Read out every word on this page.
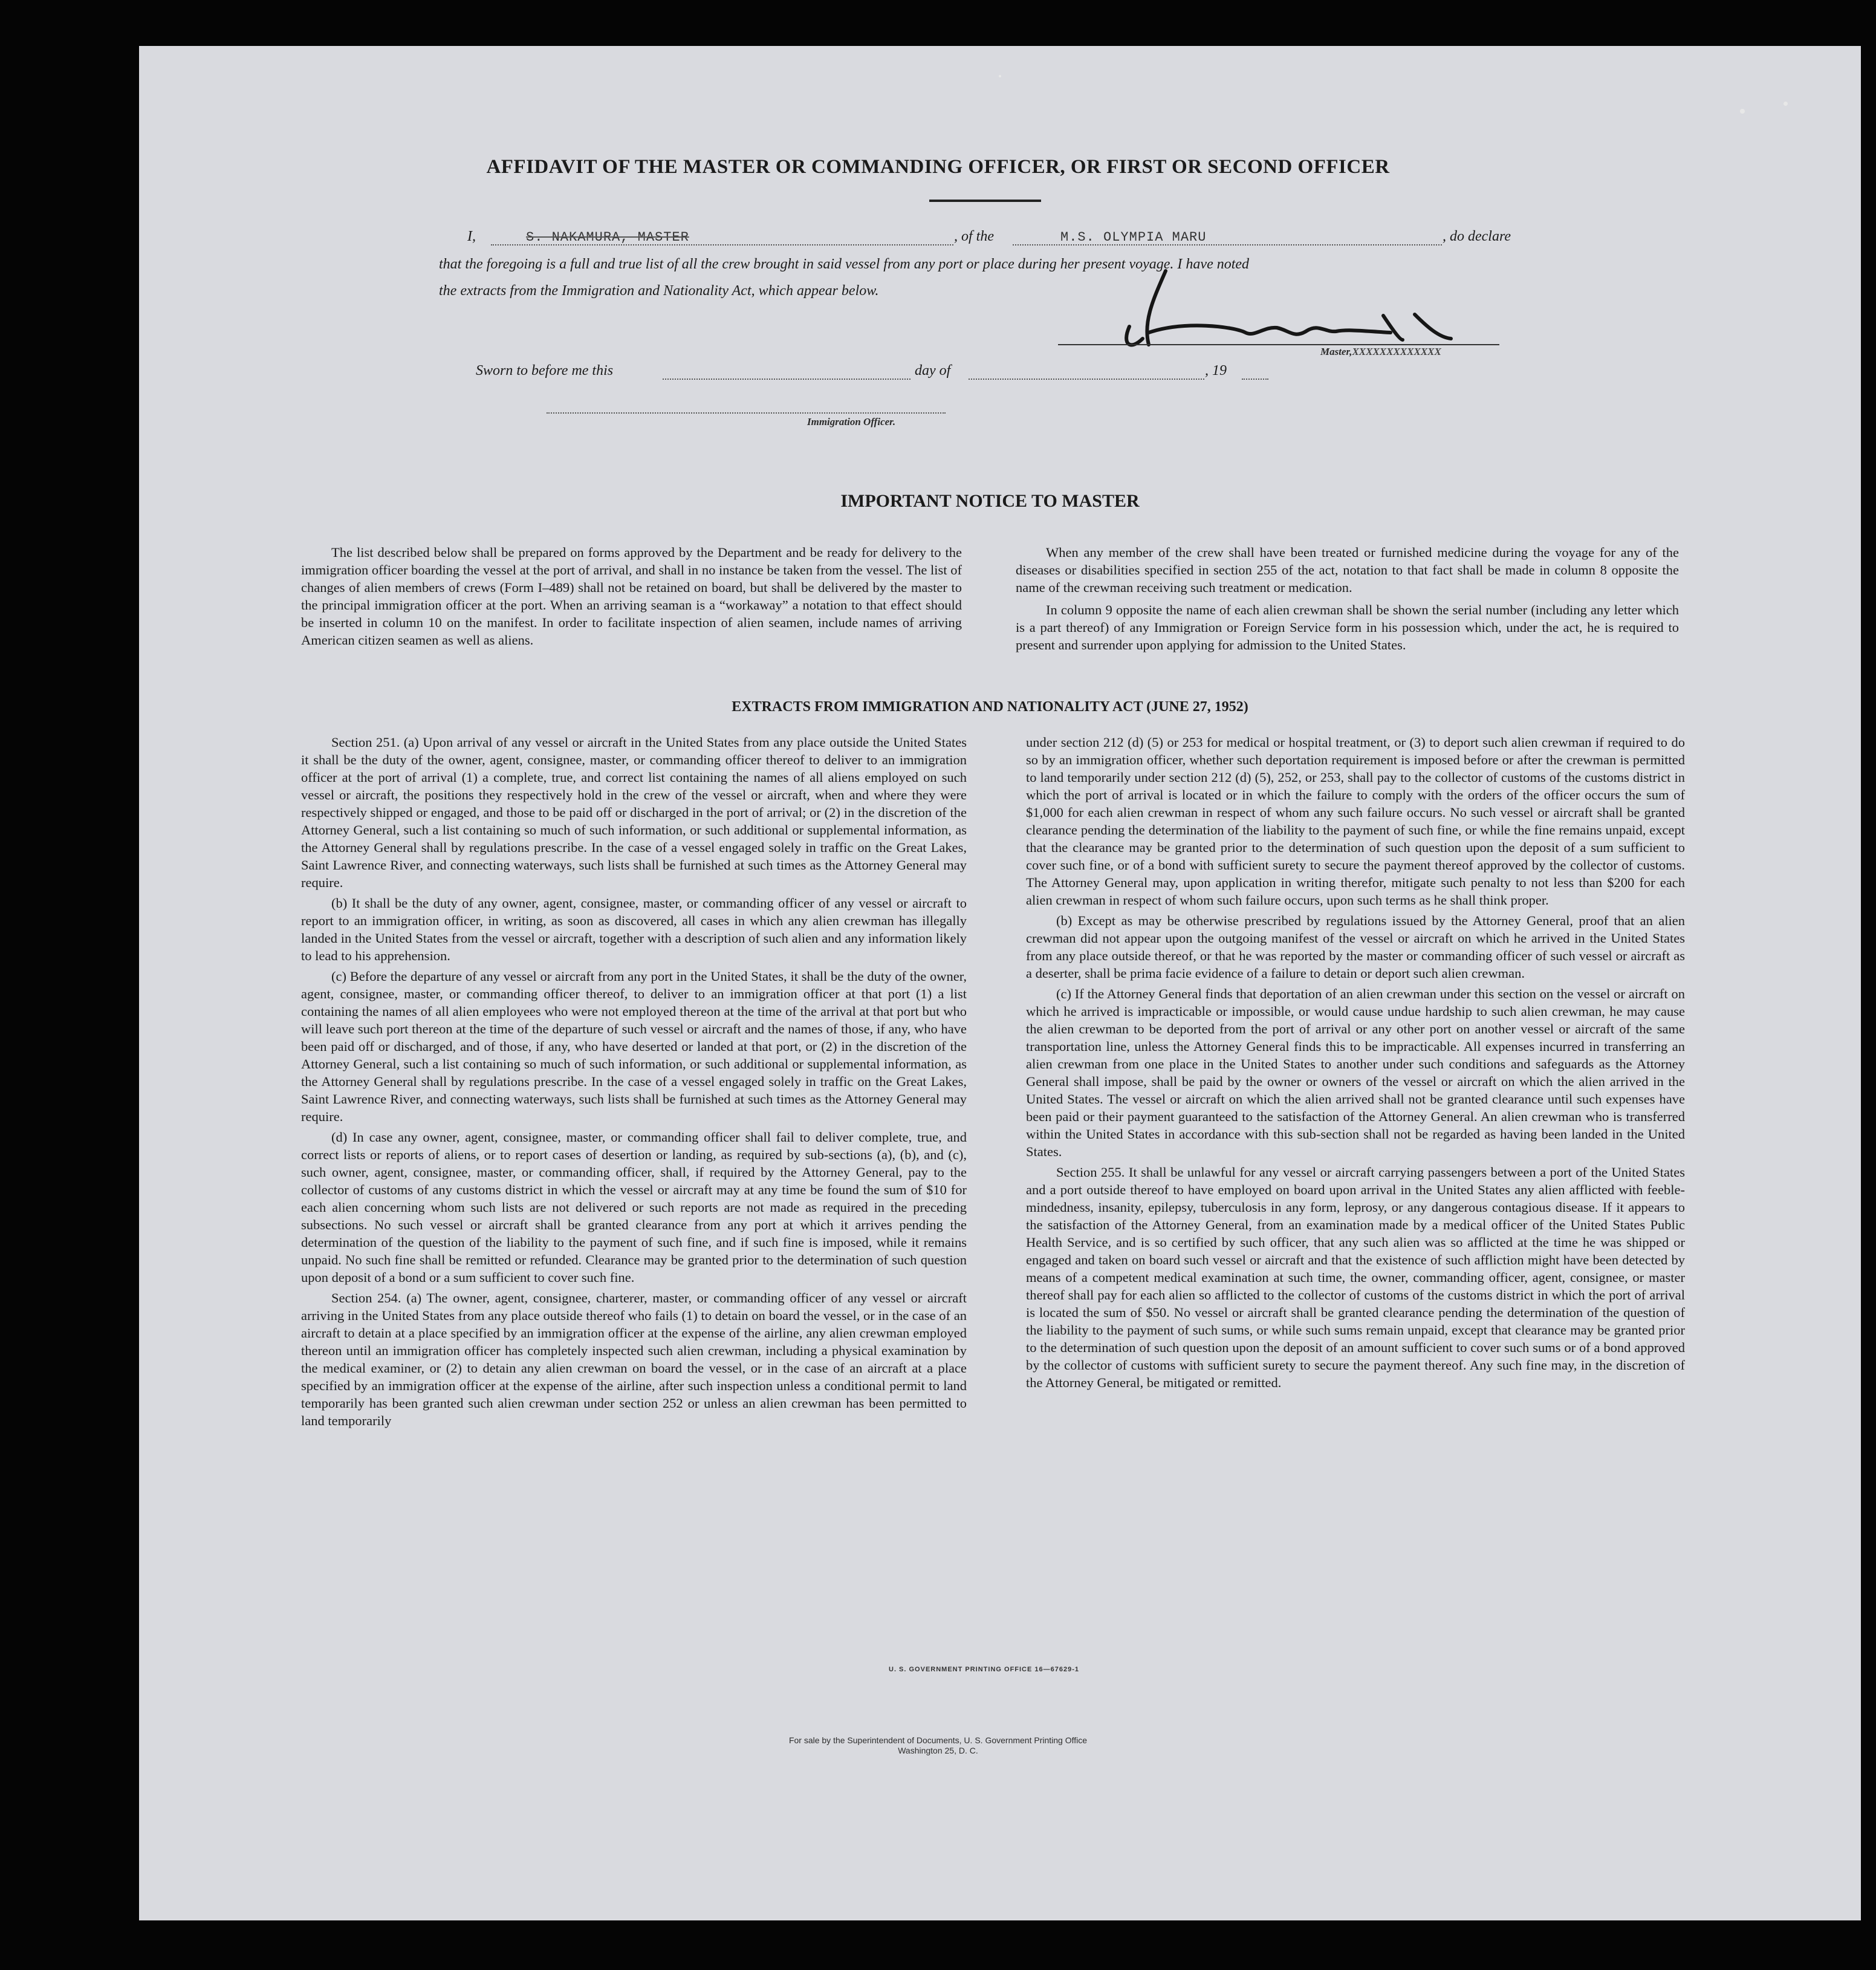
AFFIDAVIT OF THE MASTER OR COMMANDING OFFICER, OR FIRST OR SECOND OFFICER
I,	S. NAKAMURA, MASTER	, of the	M.S. OLYMPIA MARU	, do declare
that the foregoing is a full and true list of all the crew brought in said vessel from any port or place during her present voyage. I have noted
the extracts from the Immigration and Nationality Act, which appear below.
Master,XXXXXXXXXXXXX
Sworn to before me this	day of	, 19
Immigration Officer.
IMPORTANT NOTICE TO MASTER

The list described below shall be prepared on forms approved by the Department and be ready for delivery to the immigration officer boarding the vessel at the port of arrival, and shall in no instance be taken from the vessel. The list of changes of alien members of crews (Form I–489) shall not be retained on board, but shall be delivered by the master to the principal immigration officer at the port. When an arriving seaman is a “workaway” a notation to that effect should be inserted in column 10 on the manifest. In order to facilitate inspection of alien seamen, include names of arriving American citizen seamen as well as aliens.

When any member of the crew shall have been treated or furnished medicine during the voyage for any of the diseases or disabilities specified in section 255 of the act, notation to that fact shall be made in column 8 opposite the name of the crewman receiving such treatment or medication.

In column 9 opposite the name of each alien crewman shall be shown the serial number (including any letter which is a part thereof) of any Immigration or Foreign Service form in his possession which, under the act, he is required to present and surrender upon applying for admission to the United States.

EXTRACTS FROM IMMIGRATION AND NATIONALITY ACT (JUNE 27, 1952)

Section 251. (a) Upon arrival of any vessel or aircraft in the United States from any place outside the United States it shall be the duty of the owner, agent, consignee, master, or commanding officer thereof to deliver to an immigration officer at the port of arrival (1) a complete, true, and correct list containing the names of all aliens employed on such vessel or aircraft, the positions they respectively hold in the crew of the vessel or aircraft, when and where they were respectively shipped or engaged, and those to be paid off or discharged in the port of arrival; or (2) in the discretion of the Attorney General, such a list containing so much of such information, or such additional or supplemental information, as the Attorney General shall by regulations prescribe. In the case of a vessel engaged solely in traffic on the Great Lakes, Saint Lawrence River, and connecting waterways, such lists shall be furnished at such times as the Attorney General may require.

(b) It shall be the duty of any owner, agent, consignee, master, or commanding officer of any vessel or aircraft to report to an immigration officer, in writing, as soon as discovered, all cases in which any alien crewman has illegally landed in the United States from the vessel or aircraft, together with a description of such alien and any information likely to lead to his apprehension.

(c) Before the departure of any vessel or aircraft from any port in the United States, it shall be the duty of the owner, agent, consignee, master, or commanding officer thereof, to deliver to an immigration officer at that port (1) a list containing the names of all alien employees who were not employed thereon at the time of the arrival at that port but who will leave such port thereon at the time of the departure of such vessel or aircraft and the names of those, if any, who have been paid off or discharged, and of those, if any, who have deserted or landed at that port, or (2) in the discretion of the Attorney General, such a list containing so much of such information, or such additional or supplemental information, as the Attorney General shall by regulations prescribe. In the case of a vessel engaged solely in traffic on the Great Lakes, Saint Lawrence River, and connecting waterways, such lists shall be furnished at such times as the Attorney General may require.

(d) In case any owner, agent, consignee, master, or commanding officer shall fail to deliver complete, true, and correct lists or reports of aliens, or to report cases of desertion or landing, as required by sub-sections (a), (b), and (c), such owner, agent, consignee, master, or commanding officer, shall, if required by the Attorney General, pay to the collector of customs of any customs district in which the vessel or aircraft may at any time be found the sum of $10 for each alien concerning whom such lists are not delivered or such reports are not made as required in the preceding subsections. No such vessel or aircraft shall be granted clearance from any port at which it arrives pending the determination of the question of the liability to the payment of such fine, and if such fine is imposed, while it remains unpaid. No such fine shall be remitted or refunded. Clearance may be granted prior to the determination of such question upon deposit of a bond or a sum sufficient to cover such fine.

Section 254. (a) The owner, agent, consignee, charterer, master, or commanding officer of any vessel or aircraft arriving in the United States from any place outside thereof who fails (1) to detain on board the vessel, or in the case of an aircraft to detain at a place specified by an immigration officer at the expense of the airline, any alien crewman employed thereon until an immigration officer has completely inspected such alien crewman, including a physical examination by the medical examiner, or (2) to detain any alien crewman on board the vessel, or in the case of an aircraft at a place specified by an immigration officer at the expense of the airline, after such inspection unless a conditional permit to land temporarily has been granted such alien crewman under section 252 or unless an alien crewman has been permitted to land temporarily

under section 212 (d) (5) or 253 for medical or hospital treatment, or (3) to deport such alien crewman if required to do so by an immigration officer, whether such deportation requirement is imposed before or after the crewman is permitted to land temporarily under section 212 (d) (5), 252, or 253, shall pay to the collector of customs of the customs district in which the port of arrival is located or in which the failure to comply with the orders of the officer occurs the sum of $1,000 for each alien crewman in respect of whom any such failure occurs. No such vessel or aircraft shall be granted clearance pending the determination of the liability to the payment of such fine, or while the fine remains unpaid, except that the clearance may be granted prior to the determination of such question upon the deposit of a sum sufficient to cover such fine, or of a bond with sufficient surety to secure the payment thereof approved by the collector of customs. The Attorney General may, upon application in writing therefor, mitigate such penalty to not less than $200 for each alien crewman in respect of whom such failure occurs, upon such terms as he shall think proper.

(b) Except as may be otherwise prescribed by regulations issued by the Attorney General, proof that an alien crewman did not appear upon the outgoing manifest of the vessel or aircraft on which he arrived in the United States from any place outside thereof, or that he was reported by the master or commanding officer of such vessel or aircraft as a deserter, shall be prima facie evidence of a failure to detain or deport such alien crewman.

(c) If the Attorney General finds that deportation of an alien crewman under this section on the vessel or aircraft on which he arrived is impracticable or impossible, or would cause undue hardship to such alien crewman, he may cause the alien crewman to be deported from the port of arrival or any other port on another vessel or aircraft of the same transportation line, unless the Attorney General finds this to be impracticable. All expenses incurred in transferring an alien crewman from one place in the United States to another under such conditions and safeguards as the Attorney General shall impose, shall be paid by the owner or owners of the vessel or aircraft on which the alien arrived in the United States. The vessel or aircraft on which the alien arrived shall not be granted clearance until such expenses have been paid or their payment guaranteed to the satisfaction of the Attorney General. An alien crewman who is transferred within the United States in accordance with this sub-section shall not be regarded as having been landed in the United States.

Section 255. It shall be unlawful for any vessel or aircraft carrying passengers between a port of the United States and a port outside thereof to have employed on board upon arrival in the United States any alien afflicted with feeble-mindedness, insanity, epilepsy, tuberculosis in any form, leprosy, or any dangerous contagious disease. If it appears to the satisfaction of the Attorney General, from an examination made by a medical officer of the United States Public Health Service, and is so certified by such officer, that any such alien was so afflicted at the time he was shipped or engaged and taken on board such vessel or aircraft and that the existence of such affliction might have been detected by means of a competent medical examination at such time, the owner, commanding officer, agent, consignee, or master thereof shall pay for each alien so afflicted to the collector of customs of the customs district in which the port of arrival is located the sum of $50. No vessel or aircraft shall be granted clearance pending the determination of the question of the liability to the payment of such sums, or while such sums remain unpaid, except that clearance may be granted prior to the determination of such question upon the deposit of an amount sufficient to cover such sums or of a bond approved by the collector of customs with sufficient surety to secure the payment thereof. Any such fine may, in the discretion of the Attorney General, be mitigated or remitted.

U. S. GOVERNMENT PRINTING OFFICE 16—67629-1
For sale by the Superintendent of Documents, U. S. Government Printing Office
Washington 25, D. C.
